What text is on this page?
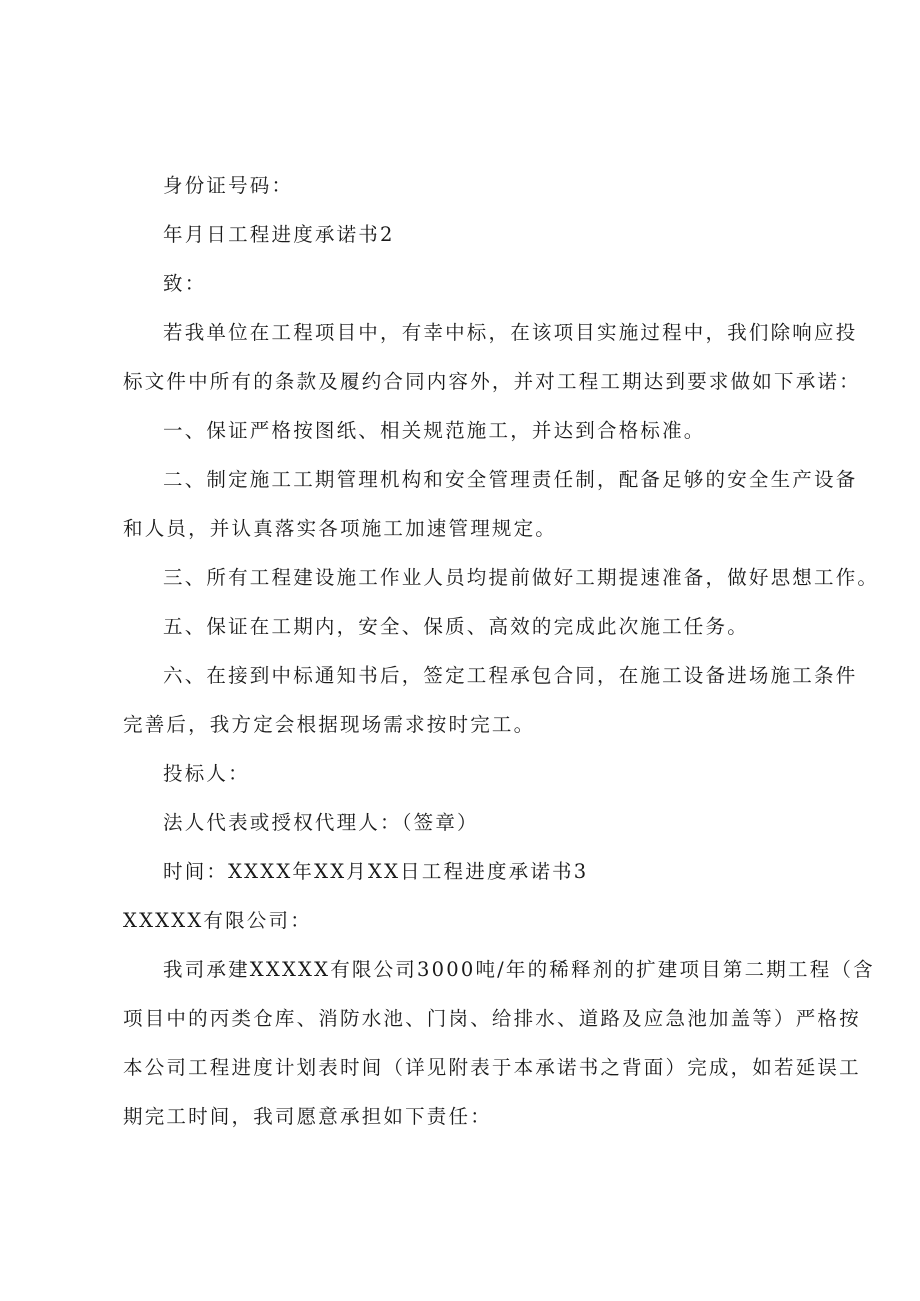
身份证号码：
年月日工程进度承诺书2
致：
若我单位在工程项目中，有幸中标，在该项目实施过程中，我们除响应投
标文件中所有的条款及履约合同内容外，并对工程工期达到要求做如下承诺：
一、保证严格按图纸、相关规范施工，并达到合格标准。
二、制定施工工期管理机构和安全管理责任制，配备足够的安全生产设备
和人员，并认真落实各项施工加速管理规定。
三、所有工程建设施工作业人员均提前做好工期提速准备，做好思想工作。
五、保证在工期内，安全、保质、高效的完成此次施工任务。
六、在接到中标通知书后，签定工程承包合同，在施工设备进场施工条件
完善后，我方定会根据现场需求按时完工。
投标人：
法人代表或授权代理人：（签章）
时间：XXXX年XX月XX日工程进度承诺书3
XXXXX有限公司：
我司承建XXXXX有限公司3000吨/年的稀释剂的扩建项目第二期工程（含
项目中的丙类仓库、消防水池、门岗、给排水、道路及应急池加盖等）严格按
本公司工程进度计划表时间（详见附表于本承诺书之背面）完成，如若延误工
期完工时间，我司愿意承担如下责任：
